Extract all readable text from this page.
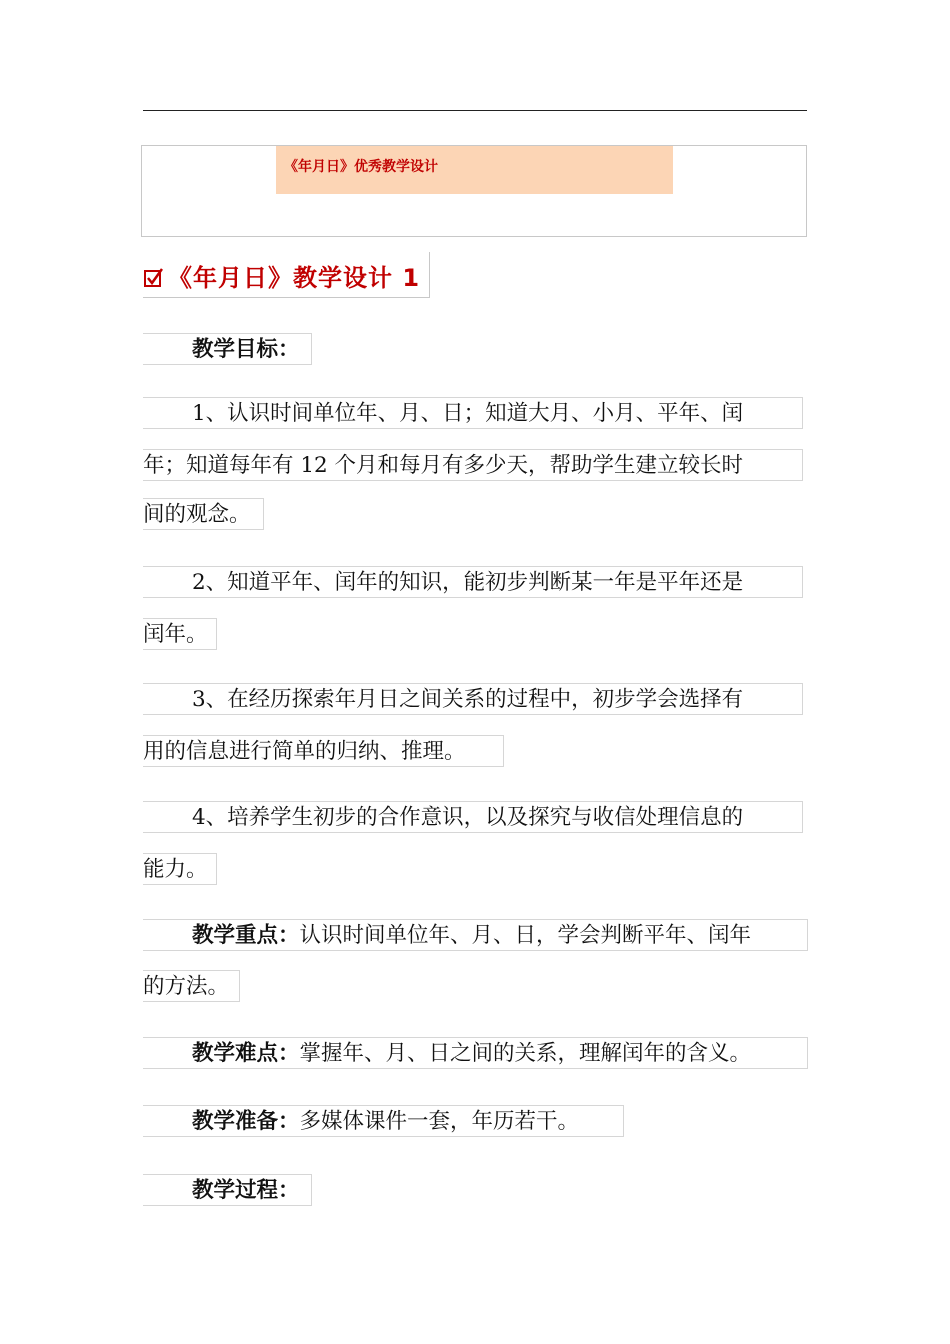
《年月日》优秀教学设计
《年月日》教学设计 1
教学目标：
1、认识时间单位年、月、日；知道大月、小月、平年、闰
年；知道每年有 12 个月和每月有多少天，帮助学生建立较长时
间的观念。
2、知道平年、闰年的知识，能初步判断某一年是平年还是
闰年。
3、在经历探索年月日之间关系的过程中，初步学会选择有
用的信息进行简单的归纳、推理。
4、培养学生初步的合作意识，以及探究与收信处理信息的
能力。
教学重点：认识时间单位年、月、日，学会判断平年、闰年
的方法。
教学难点：掌握年、月、日之间的关系，理解闰年的含义。
教学准备：多媒体课件一套，年历若干。
教学过程：
